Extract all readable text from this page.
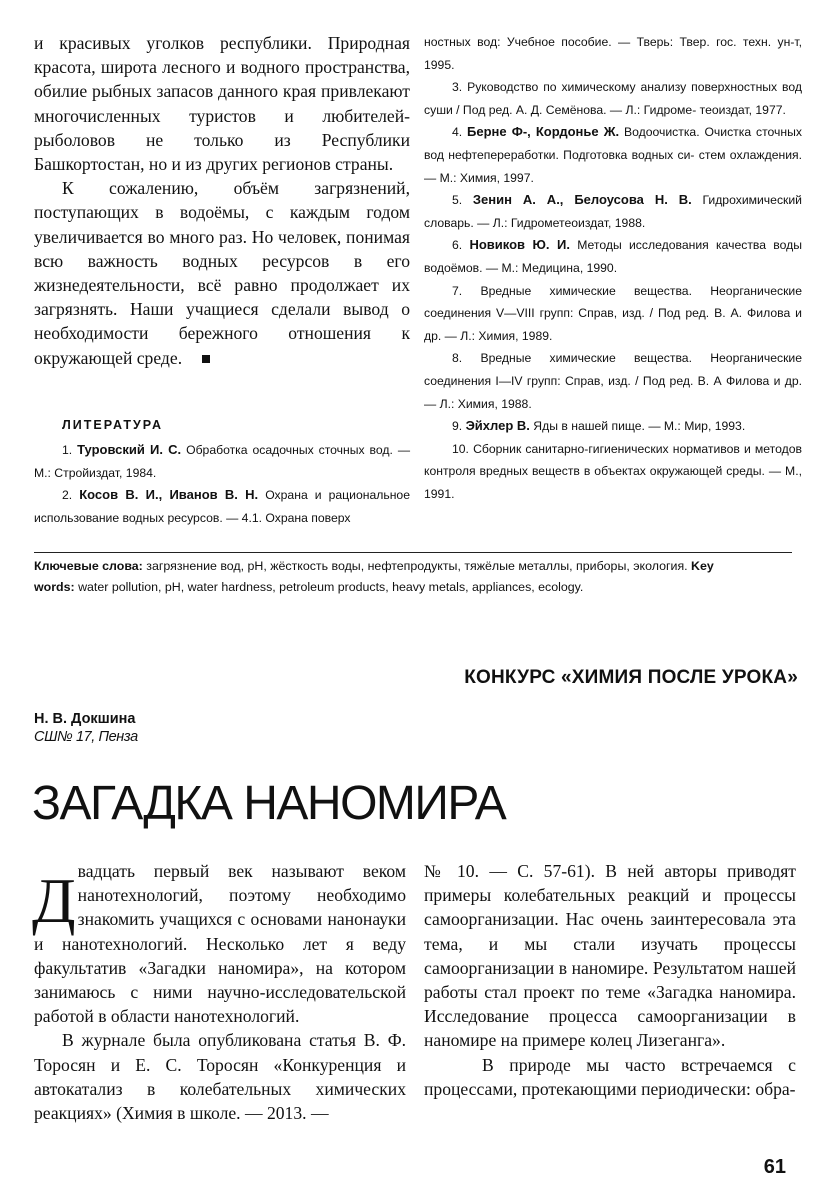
и красивых уголков республики. Природная красота, широта лесного и водного пространства, обилие рыбных запасов данного края привлекают многочисленных туристов и любителей-рыболовов не только из Республики Башкортостан, но и из других регионов страны.

К сожалению, объём загрязнений, поступающих в водоёмы, с каждым годом увеличивается во много раз. Но человек, понимая всю важность водных ресурсов в его жизнедеятельности, всё равно продолжает их загрязнять. Наши учащиеся сделали вывод о необходимости бережного отношения к окружающей среде.

ЛИТЕРАТУРА

1. Туровский И. С. Обработка осадочных сточных вод. — М.: Стройиздат, 1984.

2. Косов В. И., Иванов В. Н. Охрана и рациональное использование водных ресурсов. — 4.1. Охрана поверх

ностных вод: Учебное пособие. — Тверь: Твер. гос. техн. ун-т, 1995.

3. Руководство по химическому анализу поверхностных вод суши / Под ред. А. Д. Семёнова. — Л.: Гидроме- теоиздат, 1977.

4. Берне Ф-, Кордонье Ж. Водоочистка. Очистка сточных вод нефтепереработки. Подготовка водных си- стем охлаждения. — М.: Химия, 1997.

5. Зенин А. А., Белоусова Н. В. Гидрохимический словарь. — Л.: Гидрометеоиздат, 1988.

6. Новиков Ю. И. Методы исследования качества воды водоёмов. — М.: Медицина, 1990.

7. Вредные химические вещества. Неорганические соединения V—VIII групп: Справ, изд. / Под ред. В. А. Филова и др. — Л.: Химия, 1989.

8. Вредные химические вещества. Неорганические соединения I—IV групп: Справ, изд. / Под ред. В. А Филова и др. — Л.: Химия, 1988.

9. Эйхлер В. Яды в нашей пище. — М.: Мир, 1993.

10. Сборник санитарно-гигиенических нормативов и методов контроля вредных веществ в объектах окружающей среды. — М., 1991.

Ключевые слова: загрязнение вод, pH, жёсткость воды, нефтепродукты, тяжёлые металлы, приборы, экология. Key words: water pollution, pH, water hardness, petroleum products, heavy metals, appliances, ecology.
КОНКУРС «ХИМИЯ ПОСЛЕ УРОКА»
Н. В. Докшина
СШ№ 17, Пенза
ЗАГАДКА НАНОМИРА

Двадцать первый век называют веком нанотехнологий, поэтому необходимо знакомить учащихся с основами нанонауки и нанотехнологий. Несколько лет я веду факультатив «Загадки наномира», на котором занимаюсь с ними научно-исследовательской работой в области нанотехнологий.

В журнале была опубликована статья В. Ф. Торосян и Е. С. Торосян «Конкуренция и автокатализ в колебательных химических реакциях» (Химия в школе. — 2013. —

№ 10. — С. 57-61). В ней авторы приводят примеры колебательных реакций и процессы самоорганизации. Нас очень заинтересовала эта тема, и мы стали изучать процессы самоорганизации в наномире. Результатом нашей работы стал проект по теме «Загадка наномира. Исследование процесса самоорганизации в наномире на примере колец Лизеганга».

В природе мы часто встречаемся с процессами, протекающими периодически: обра-

61
